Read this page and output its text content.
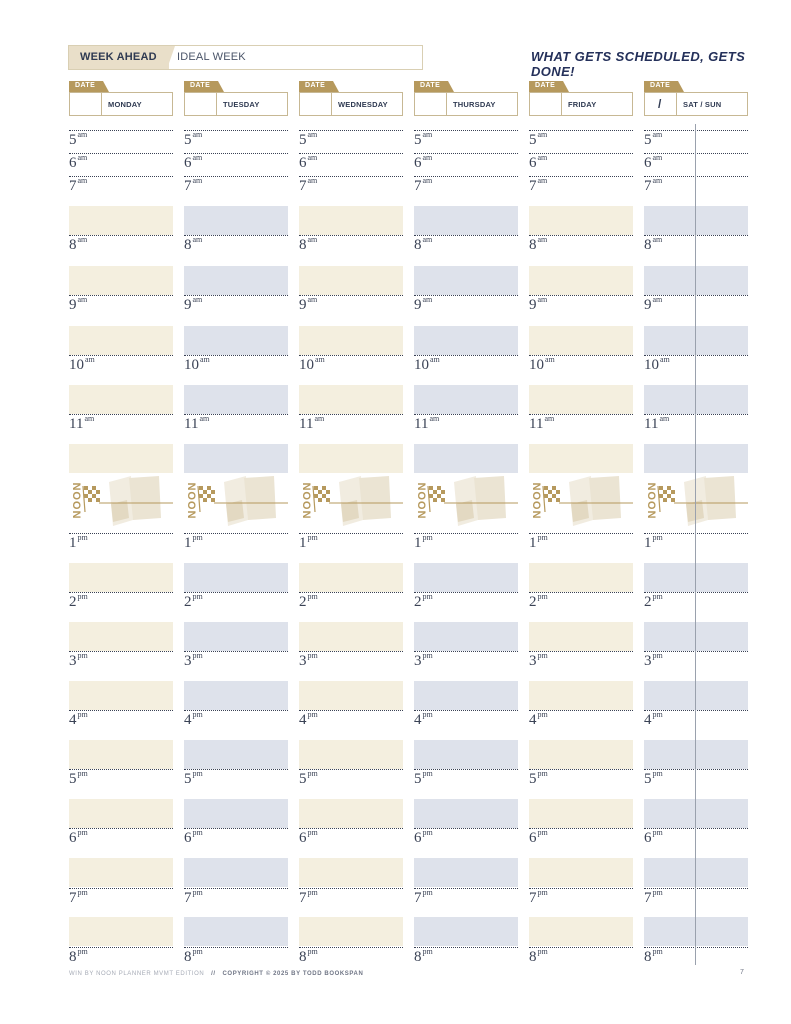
WEEK AHEAD IDEAL WEEK	WHAT GETS SCHEDULED, GETS DONE!
DATE
MONDAY
$5^{am}$
$6^{am}$
$7^{am}$
$8^{am}$
$9^{am}$
$10^{am}$
$11^{am}$
$1^{pm}$
$2^{pm}$
$3^{pm}$
$4^{pm}$
$5^{pm}$
$6^{pm}$
$7^{pm}$
$8^{pm}$
NOON
DATE
TUESDAY
$5^{am}$
$6^{am}$
$7^{am}$
$8^{am}$
$9^{am}$
$10^{am}$
$11^{am}$
$1^{pm}$
$2^{pm}$
$3^{pm}$
$4^{pm}$
$5^{pm}$
$6^{pm}$
$7^{pm}$
$8^{pm}$
NOON
DATE
WEDNESDAY
$5^{am}$
$6^{am}$
$7^{am}$
$8^{am}$
$9^{am}$
$10^{am}$
$11^{am}$
$1^{pm}$
$2^{pm}$
$3^{pm}$
$4^{pm}$
$5^{pm}$
$6^{pm}$
$7^{pm}$
$8^{pm}$
NOON
DATE
THURSDAY
$5^{am}$
$6^{am}$
$7^{am}$
$8^{am}$
$9^{am}$
$10^{am}$
$11^{am}$
$1^{pm}$
$2^{pm}$
$3^{pm}$
$4^{pm}$
$5^{pm}$
$6^{pm}$
$7^{pm}$
$8^{pm}$
NOON
DATE
FRIDAY
$5^{am}$
$6^{am}$
$7^{am}$
$8^{am}$
$9^{am}$
$10^{am}$
$11^{am}$
$1^{pm}$
$2^{pm}$
$3^{pm}$
$4^{pm}$
$5^{pm}$
$6^{pm}$
$7^{pm}$
$8^{pm}$
NOON
DATE
/	SAT / SUN
$5^{am}$
$6^{am}$
$7^{am}$
$8^{am}$
$9^{am}$
$10^{am}$
$11^{am}$
$1^{pm}$
$2^{pm}$
$3^{pm}$
$4^{pm}$
$5^{pm}$
$6^{pm}$
$7^{pm}$
$8^{pm}$
NOON
WIN BY NOON PLANNER MVMT EDITION // COPYRIGHT © 2025 BY TODD BOOKSPAN	7
